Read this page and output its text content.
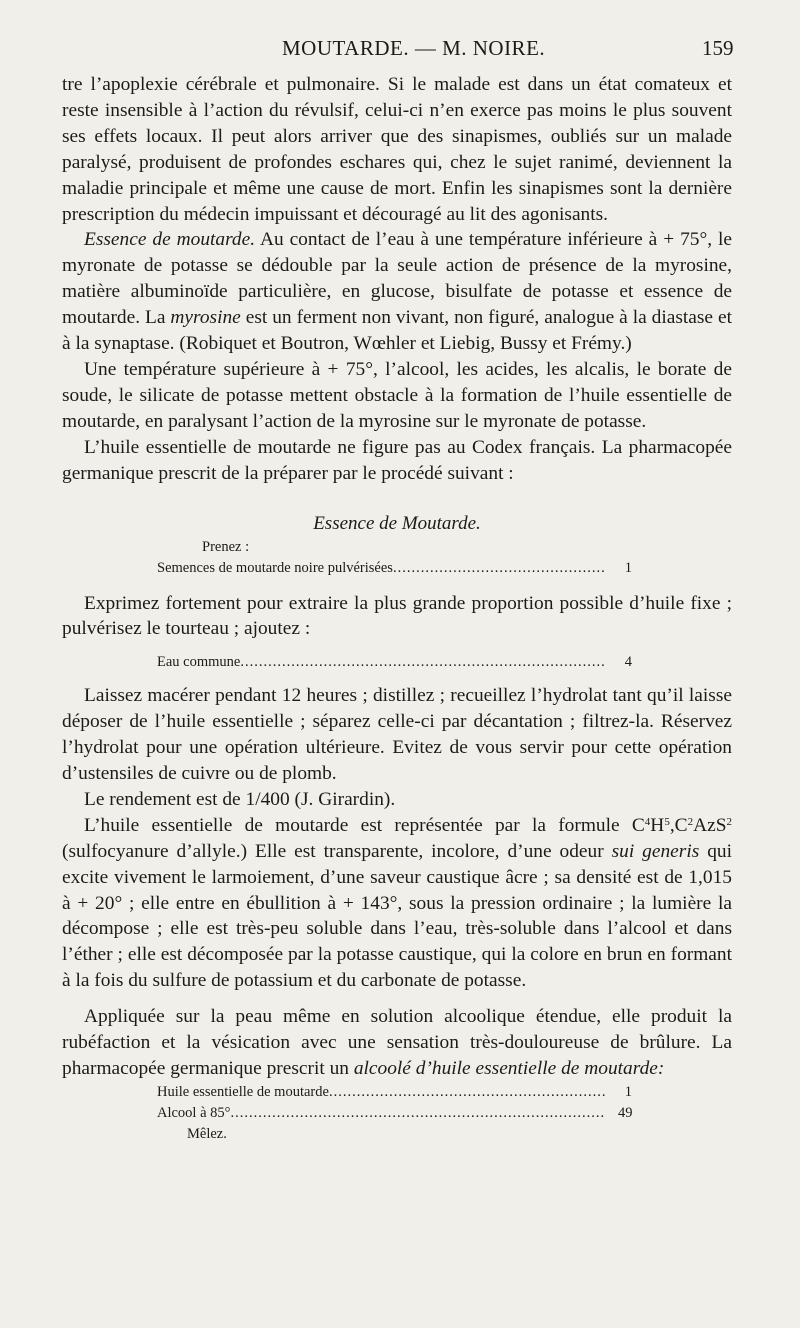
MOUTARDE. — M. NOIRE.	159

tre l’apoplexie cérébrale et pulmonaire. Si le malade est dans un état comateux et reste insensible à l’action du révulsif, celui-ci n’en exerce pas moins le plus souvent ses effets locaux. Il peut alors arriver que des sinapismes, oubliés sur un malade paralysé, produisent de profondes eschares qui, chez le sujet ranimé, deviennent la maladie principale et même une cause de mort. Enfin les sinapismes sont la dernière prescription du médecin impuissant et découragé au lit des agonisants.

Essence de moutarde. Au contact de l’eau à une température inférieure à + 75°, le myronate de potasse se dédouble par la seule action de présence de la myrosine, matière albuminoïde particulière, en glucose, bisulfate de potasse et essence de moutarde. La myrosine est un ferment non vivant, non figuré, analogue à la diastase et à la synaptase. (Robiquet et Boutron, Wœhler et Liebig, Bussy et Frémy.)

Une température supérieure à + 75°, l’alcool, les acides, les alcalis, le borate de soude, le silicate de potasse mettent obstacle à la formation de l’huile essentielle de moutarde, en paralysant l’action de la myrosine sur le myronate de potasse.

L’huile essentielle de moutarde ne figure pas au Codex français. La pharmacopée germanique prescrit de la préparer par le procédé suivant :

Essence de Moutarde.
Prenez :
Semences de moutarde noire pulvérisées .....	1

Exprimez fortement pour extraire la plus grande proportion possible d’huile fixe ; pulvérisez le tourteau ; ajoutez :

Eau commune .....	4

Laissez macérer pendant 12 heures ; distillez ; recueillez l’hydrolat tant qu’il laisse déposer de l’huile essentielle ; séparez celle-ci par décantation ; filtrez-la. Réservez l’hydrolat pour une opération ultérieure. Evitez de vous servir pour cette opération d’ustensiles de cuivre ou de plomb.

Le rendement est de 1/400 (J. Girardin).

L’huile essentielle de moutarde est représentée par la formule $C^4H^5,C^2AzS^2$ (sulfocyanure d’allyle.) Elle est transparente, incolore, d’une odeur sui generis qui excite vivement le larmoiement, d’une saveur caustique âcre ; sa densité est de 1,015 à + 20° ; elle entre en ébullition à + 143°, sous la pression ordinaire ; la lumière la décompose ; elle est très-peu soluble dans l’eau, très-soluble dans l’alcool et dans l’éther ; elle est décomposée par la potasse caustique, qui la colore en brun en formant à la fois du sulfure de potassium et du carbonate de potasse.

Appliquée sur la peau même en solution alcoolique étendue, elle produit la rubéfaction et la vésication avec une sensation très-douloureuse de brûlure. La pharmacopée germanique prescrit un alcoolé d’huile essentielle de moutarde:

Huile essentielle de moutarde .....	1
Alcool à 85° .....	49
Mêlez.
